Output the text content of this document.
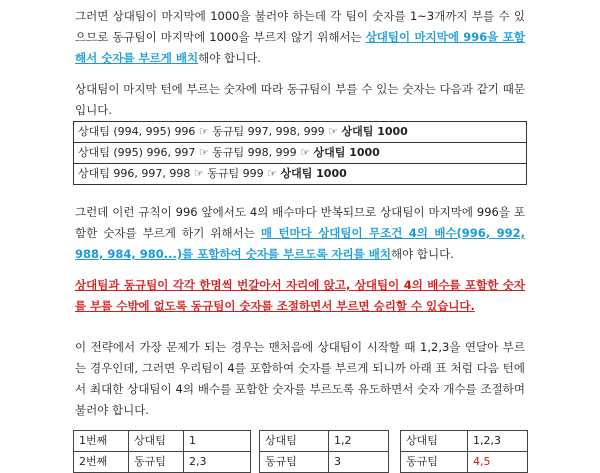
그러면 상대팀이 마지막에 1000을 불러야 하는데 각 팀이 숫자를 1~3개까지 부를 수 있으므로 동규팀이 마지막에 1000을 부르지 않기 위해서는 상대팀이 마지막에 996을 포함해서 숫자를 부르게 배치해야 합니다.
상대팀이 마지막 턴에 부르는 숫자에 따라 동규팀이 부를 수 있는 숫자는 다음과 같기 때문입니다.
상대팀 (994, 995) 996 ☞ 동규팀 997, 998, 999 ☞ 상대팀 1000
상대팀 (995) 996, 997 ☞ 동규팀 998, 999 ☞ 상대팀 1000
상대팀 996, 997, 998 ☞ 동규팀 999 ☞ 상대팀 1000
그런데 이런 규칙이 996 앞에서도 4의 배수마다 반복되므로 상대팀이 마지막에 996을 포함한 숫자를 부르게 하기 위해서는 매 턴마다 상대팀이 무조건 4의 배수(996, 992, 988, 984, 980...)를 포함하여 숫자를 부르도록 자리를 배치해야 합니다.
상대팀과 동규팀이 각각 한명씩 번갈아서 자리에 앉고, 상대팀이 4의 배수를 포함한 숫자를 부를 수밖에 없도록 동규팀이 숫자를 조절하면서 부르면 승리할 수 있습니다.
이 전략에서 가장 문제가 되는 경우는 맨처음에 상대팀이 시작할 때 1,2,3을 연달아 부르는 경우인데, 그러면 우리팀이 4를 포함하여 숫자를 부르게 되니까 아래 표 처럼 다음 턴에서 최대한 상대팀이 4의 배수를 포함한 숫자를 부르도록 유도하면서 숫자 개수를 조절하며 불러야 합니다.
1번째	상대팀	1
2번째	동규팀	2,3
상대팀	1,2
동규팀	3
상대팀	1,2,3
동규팀	4,5
